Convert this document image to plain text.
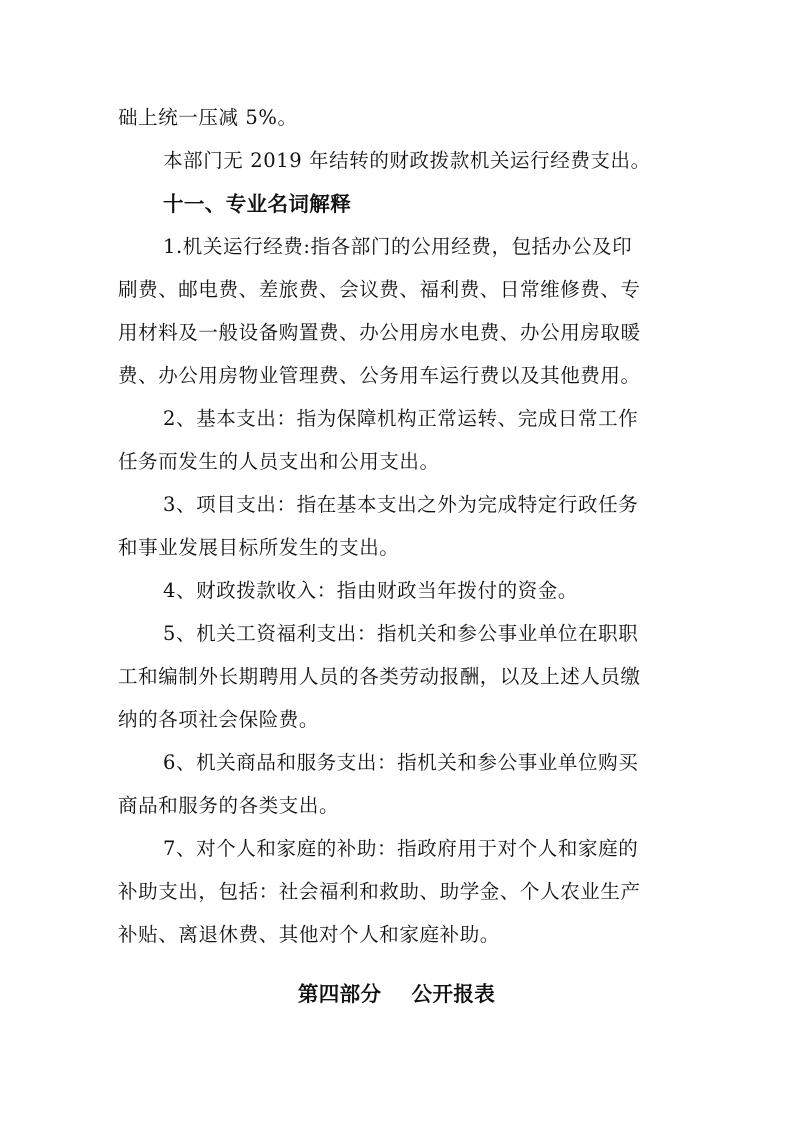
础上统一压减 5%。
本部门无 2019 年结转的财政拨款机关运行经费支出。
十一、专业名词解释
1.机关运行经费:指各部门的公用经费，包括办公及印
刷费、邮电费、差旅费、会议费、福利费、日常维修费、专
用材料及一般设备购置费、办公用房水电费、办公用房取暖
费、办公用房物业管理费、公务用车运行费以及其他费用。
2、基本支出：指为保障机构正常运转、完成日常工作
任务而发生的人员支出和公用支出。
3、项目支出：指在基本支出之外为完成特定行政任务
和事业发展目标所发生的支出。
4、财政拨款收入：指由财政当年拨付的资金。
5、机关工资福利支出：指机关和参公事业单位在职职
工和编制外长期聘用人员的各类劳动报酬，以及上述人员缴
纳的各项社会保险费。
6、机关商品和服务支出：指机关和参公事业单位购买
商品和服务的各类支出。
7、对个人和家庭的补助：指政府用于对个人和家庭的
补助支出，包括：社会福利和救助、助学金、个人农业生产
补贴、离退休费、其他对个人和家庭补助。
第四部分    公开报表
